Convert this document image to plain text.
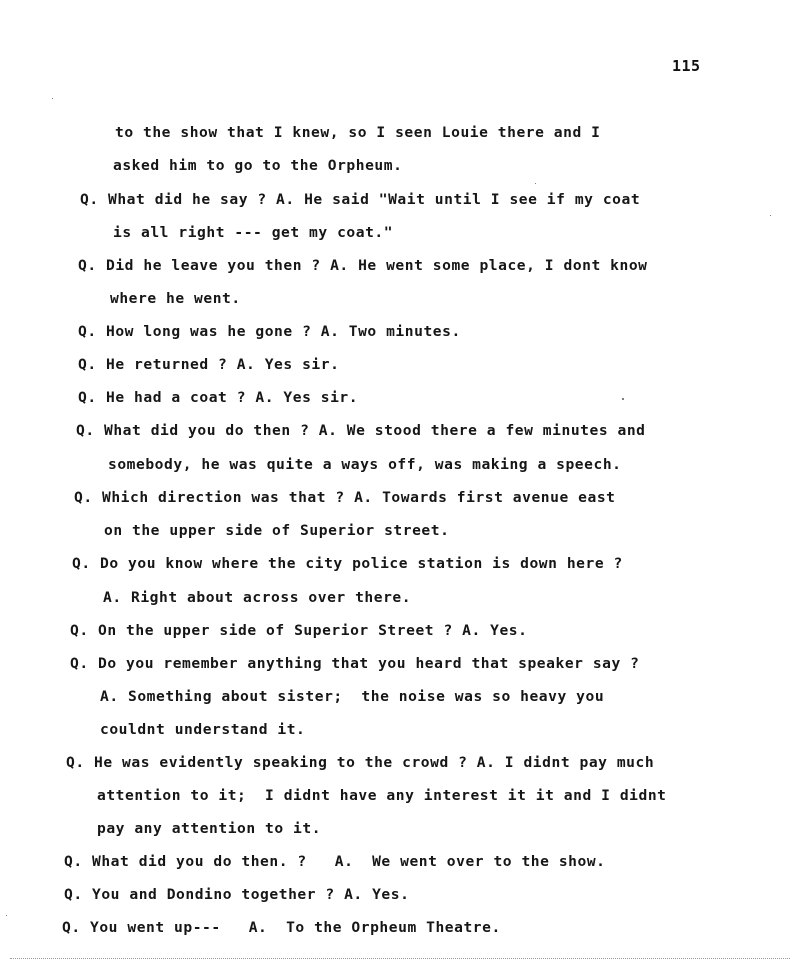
115
to the show that I knew, so I seen Louie there and I
asked him to go to the Orpheum.
Q. What did he say ? A. He said "Wait until I see if my coat
is all right --- get my coat."
Q. Did he leave you then ? A. He went some place, I dont know
where he went.
Q. How long was he gone ? A. Two minutes.
Q. He returned ? A. Yes sir.
Q. He had a coat ? A. Yes sir.
Q. What did you do then ? A. We stood there a few minutes and
somebody, he was quite a ways off, was making a speech.
Q. Which direction was that ? A. Towards first avenue east
on the upper side of Superior street.
Q. Do you know where the city police station is down here ?
A. Right about across over there.
Q. On the upper side of Superior Street ? A. Yes.
Q. Do you remember anything that you heard that speaker say ?
A. Something about sister;  the noise was so heavy you
couldnt understand it.
Q. He was evidently speaking to the crowd ? A. I didnt pay much
attention to it;  I didnt have any interest it it and I didnt
pay any attention to it.
Q. What did you do then. ?   A.  We went over to the show.
Q. You and Dondino together ? A. Yes.
Q. You went up---   A.  To the Orpheum Theatre.
